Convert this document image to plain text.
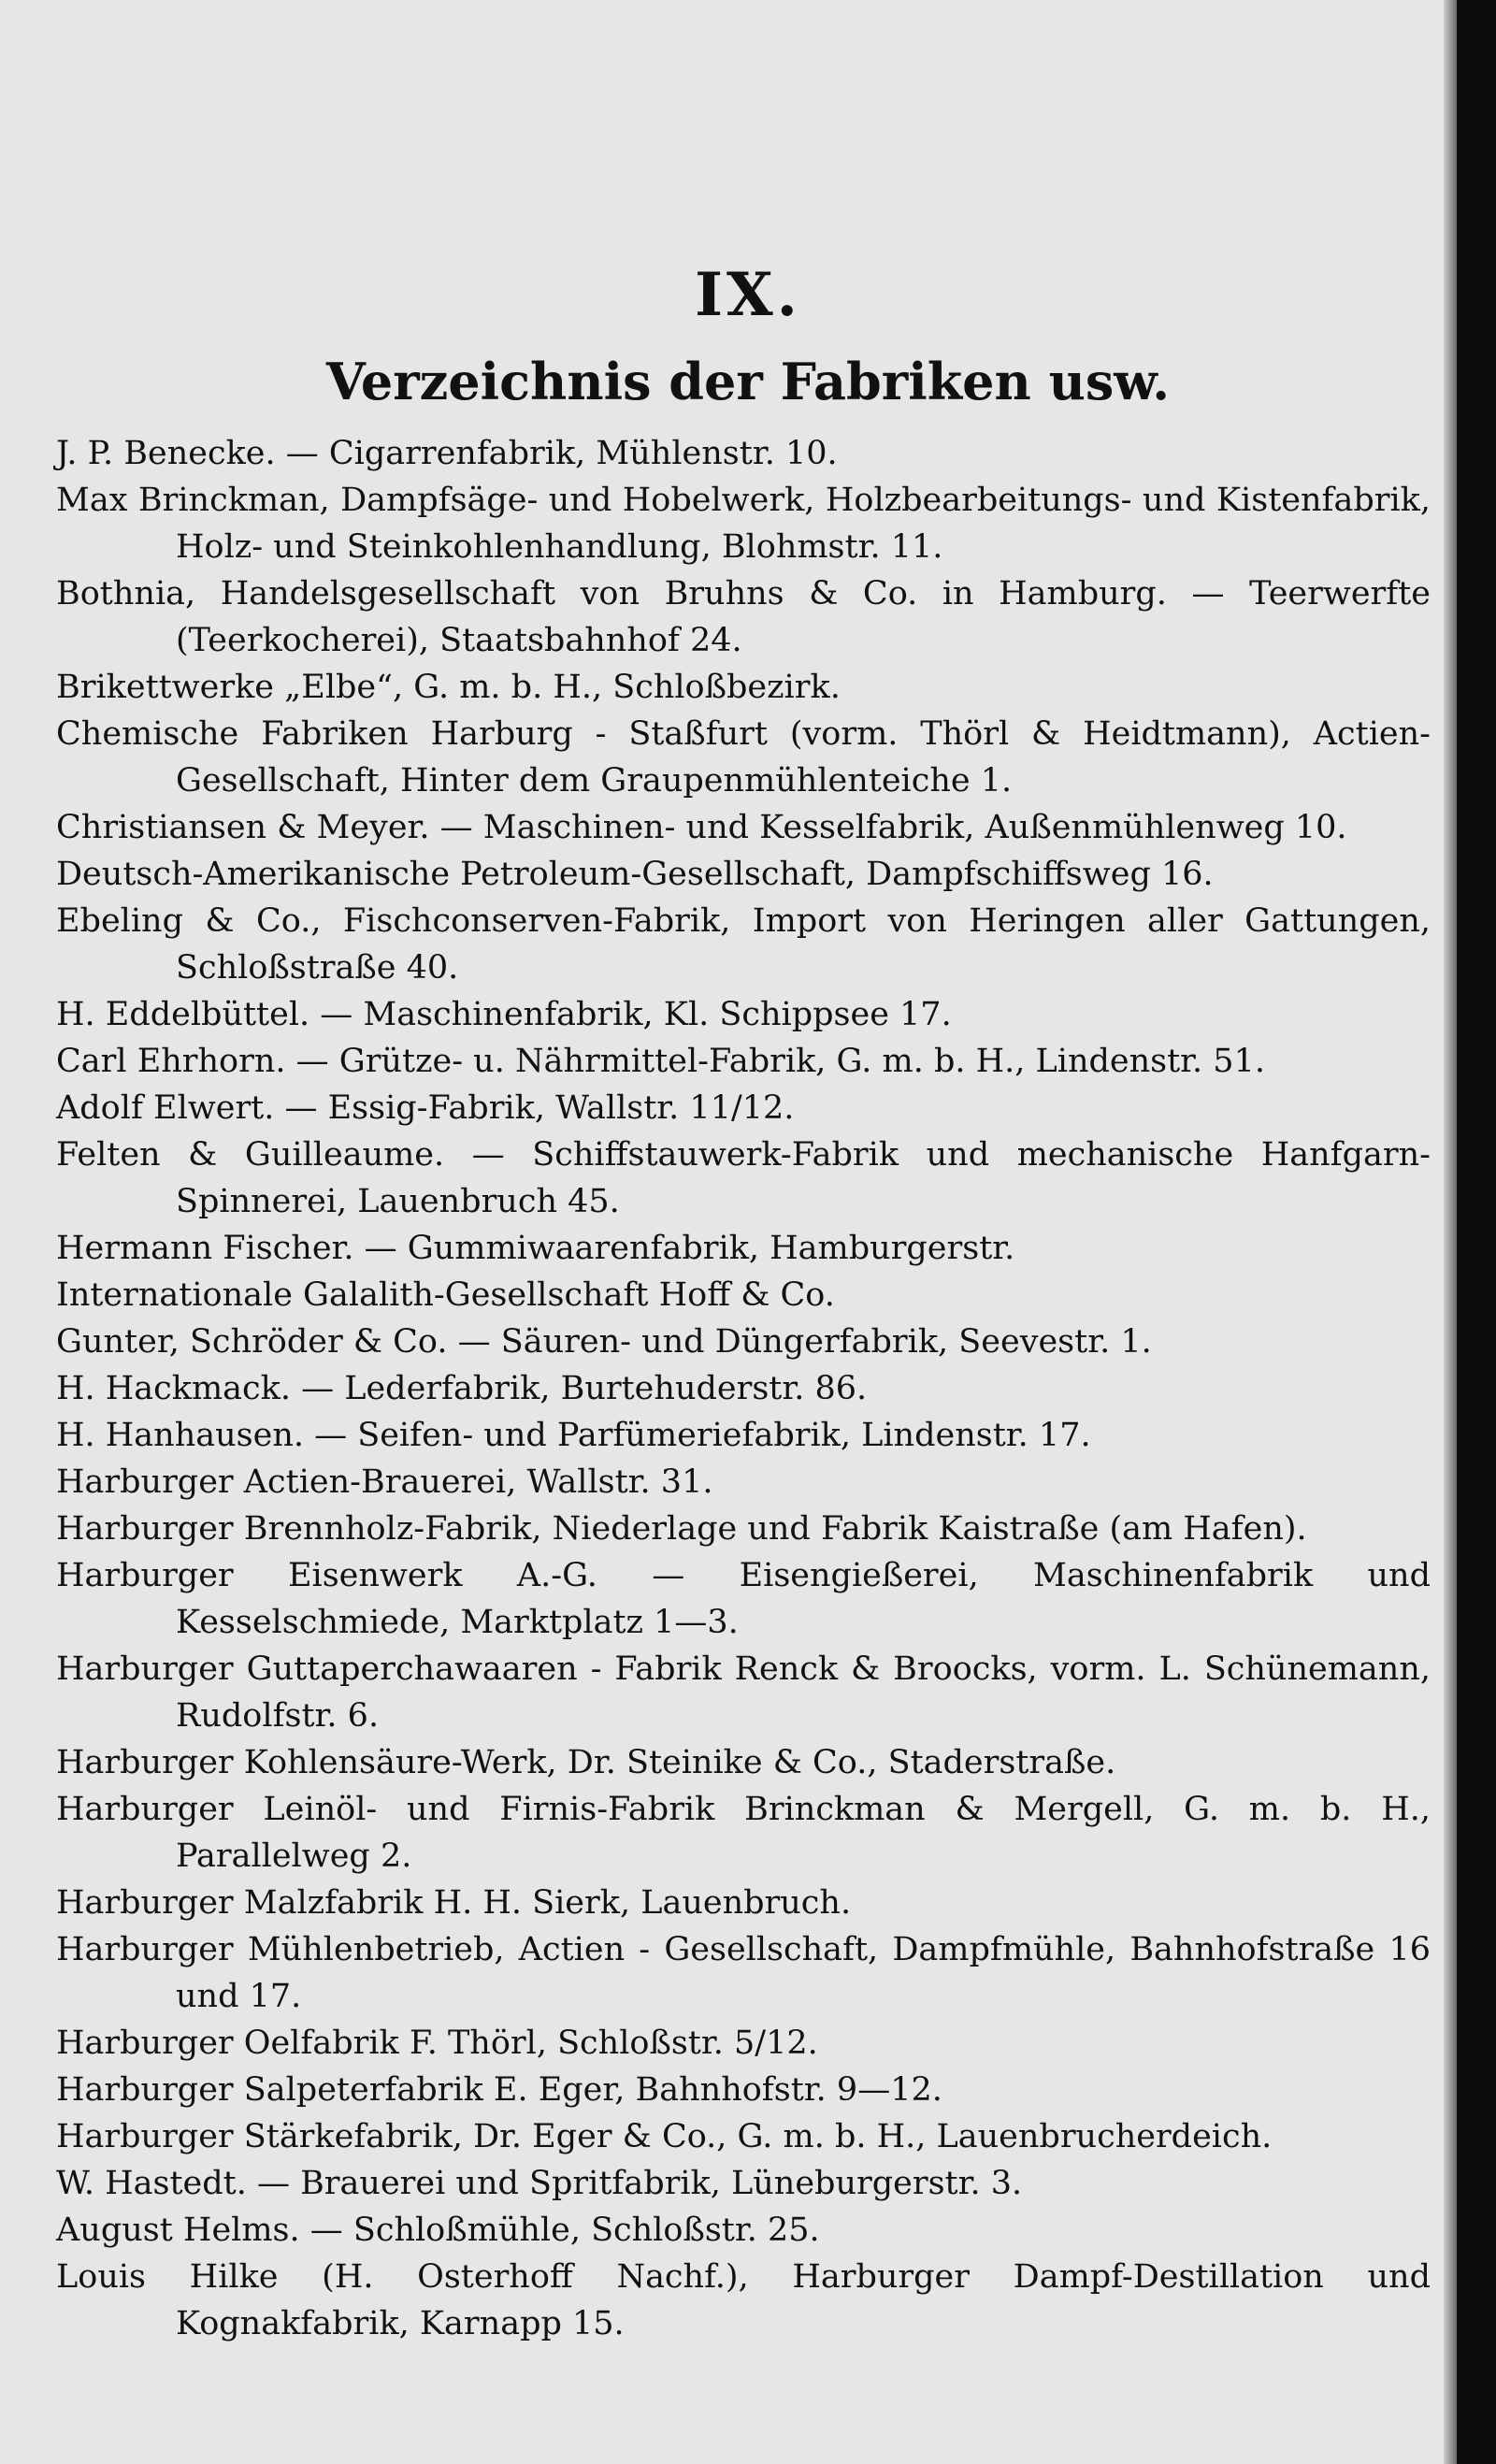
IX.
Verzeichnis der Fabriken usw.
J. P. Benecke. — Cigarrenfabrik, Mühlenstr. 10.
Max Brinckman, Dampfsäge- und Hobelwerk, Holzbearbeitungs- und Kistenfabrik, Holz- und Steinkohlenhandlung, Blohmstr. 11.
Bothnia, Handelsgesellschaft von Bruhns & Co. in Hamburg. — Teerwerfte (Teerkocherei), Staatsbahnhof 24.
Brikettwerke „Elbe“, G. m. b. H., Schloßbezirk.
Chemische Fabriken Harburg - Staßfurt (vorm. Thörl & Heidtmann), Actien-Gesellschaft, Hinter dem Graupenmühlenteiche 1.
Christiansen & Meyer. — Maschinen- und Kesselfabrik, Außenmühlenweg 10.
Deutsch-Amerikanische Petroleum-Gesellschaft, Dampfschiffsweg 16.
Ebeling & Co., Fischconserven-Fabrik, Import von Heringen aller Gattungen, Schloßstraße 40.
H. Eddelbüttel. — Maschinenfabrik, Kl. Schippsee 17.
Carl Ehrhorn. — Grütze- u. Nährmittel-Fabrik, G. m. b. H., Lindenstr. 51.
Adolf Elwert. — Essig-Fabrik, Wallstr. 11/12.
Felten & Guilleaume. — Schiffstauwerk-Fabrik und mechanische Hanfgarn-Spinnerei, Lauenbruch 45.
Hermann Fischer. — Gummiwaarenfabrik, Hamburgerstr.
Internationale Galalith-Gesellschaft Hoff & Co.
Gunter, Schröder & Co. — Säuren- und Düngerfabrik, Seevestr. 1.
H. Hackmack. — Lederfabrik, Burtehuderstr. 86.
H. Hanhausen. — Seifen- und Parfümeriefabrik, Lindenstr. 17.
Harburger Actien-Brauerei, Wallstr. 31.
Harburger Brennholz-Fabrik, Niederlage und Fabrik Kaistraße (am Hafen).
Harburger Eisenwerk A.-G. — Eisengießerei, Maschinenfabrik und Kesselschmiede, Marktplatz 1—3.
Harburger Guttaperchawaaren - Fabrik Renck & Broocks, vorm. L. Schünemann, Rudolfstr. 6.
Harburger Kohlensäure-Werk, Dr. Steinike & Co., Staderstraße.
Harburger Leinöl- und Firnis-Fabrik Brinckman & Mergell, G. m. b. H., Parallelweg 2.
Harburger Malzfabrik H. H. Sierk, Lauenbruch.
Harburger Mühlenbetrieb, Actien - Gesellschaft, Dampfmühle, Bahnhofstraße 16 und 17.
Harburger Oelfabrik F. Thörl, Schloßstr. 5/12.
Harburger Salpeterfabrik E. Eger, Bahnhofstr. 9—12.
Harburger Stärkefabrik, Dr. Eger & Co., G. m. b. H., Lauenbrucherdeich.
W. Hastedt. — Brauerei und Spritfabrik, Lüneburgerstr. 3.
August Helms. — Schloßmühle, Schloßstr. 25.
Louis Hilke (H. Osterhoff Nachf.), Harburger Dampf-Destillation und Kognakfabrik, Karnapp 15.
